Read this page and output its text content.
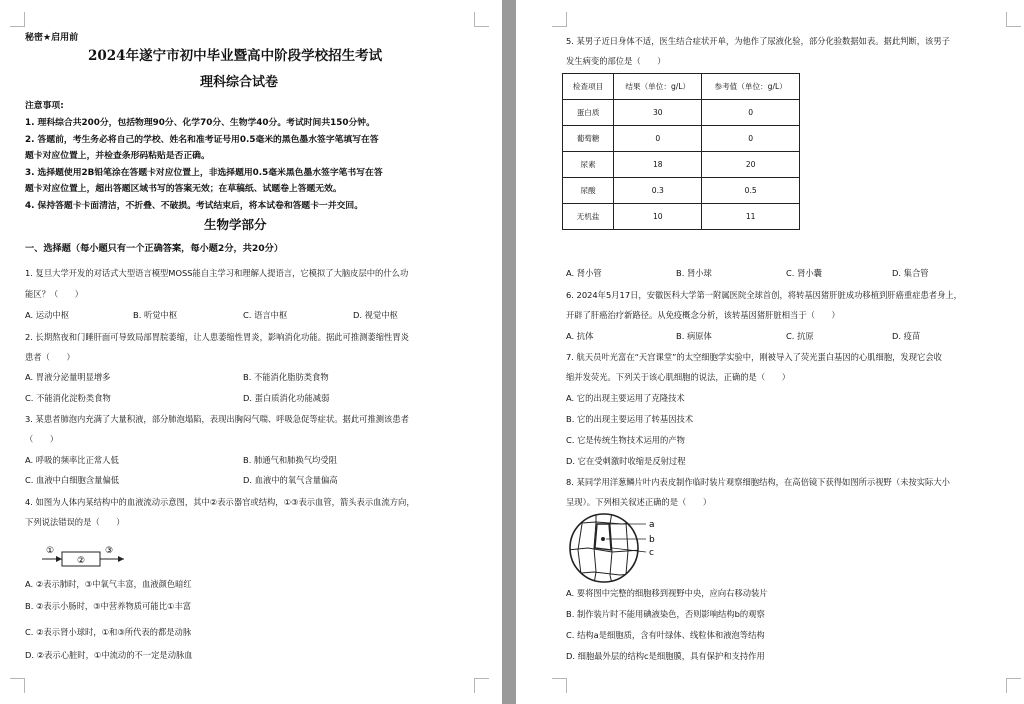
秘密★启用前
2024年遂宁市初中毕业暨高中阶段学校招生考试
理科综合试卷
注意事项:
1. 理科综合共200分，包括物理90分、化学70分、生物学40分。考试时间共150分钟。
2. 答题前，考生务必将自己的学校、姓名和准考证号用0.5毫米的黑色墨水签字笔填写在答
题卡对应位置上，并检查条形码粘贴是否正确。
3. 选择题使用2B铅笔涂在答题卡对应位置上，非选择题用0.5毫米黑色墨水签字笔书写在答
题卡对应位置上，超出答题区域书写的答案无效；在草稿纸、试题卷上答题无效。
4. 保持答题卡卡面清洁，不折叠、不破损。考试结束后，将本试卷和答题卡一并交回。
生物学部分
一、选择题（每小题只有一个正确答案，每小题2分，共20分）
1. 复旦大学开发的对话式大型语言模型MOSS能自主学习和理解人提语言，它模拟了大脑皮层中的什么功
能区？（　　）
A. 运动中枢	B. 听觉中枢	C. 语言中枢	D. 视觉中枢
2. 长期熬夜和门睡肝面可导致局部胃脘萎缩，让人患萎缩性胃炎，影响消化功能。据此可推测萎缩性胃炎
患者（　　）
A. 胃液分泌量明显增多	B. 不能消化脂肪类食物
C. 不能消化淀粉类食物	D. 蛋白质消化功能减弱
3. 某患者肺泡内充满了大量积液，部分肺泡塌陷，表现出胸闷气喘、呼吸急促等症状。据此可推测该患者
（　　）
A. 呼吸的频率比正常人低	B. 肺通气和肺换气均受阻
C. 血液中白细胞含量偏低	D. 血液中的氧气含量偏高
4. 如图为人体内某结构中的血液流动示意图，其中②表示器官或结构，①③表示血管，箭头表示血流方向，
下列说法错误的是（　　）
①
②
③
A. ②表示肺时，③中氧气丰富，血液颜色暗红
B. ②表示小肠时，③中营养物质可能比①丰富
C. ②表示肾小球时，①和③所代表的都是动脉
D. ②表示心脏时，①中流动的不一定是动脉血
5. 某男子近日身体不适，医生结合症状开单，为他作了尿液化验，部分化验数据如表。据此判断，该男子
发生病变的部位是（　　）
检查项目	结果（单位：g/L）	参考值（单位：g/L）
蛋白质	30	0
葡萄糖	0	0
尿素	18	20
尿酸	0.3	0.5
无机盐	10	11
A. 肾小管	B. 肾小球	C. 肾小囊	D. 集合管
6. 2024年5月17日，安徽医科大学第一附属医院全球首创，将转基因猪肝脏成功移植到肝癌重症患者身上，
开辟了肝癌治疗新路径。从免疫概念分析，该转基因猪肝脏相当于（　　）
A. 抗体	B. 病原体	C. 抗原	D. 疫苗
7. 航天员叶光富在“天宫课堂”的太空细胞学实验中，刚被导入了荧光蛋白基因的心肌细胞，发现它会收
缩并发荧光。下列关于该心肌细胞的说法，正确的是（　　）
A. 它的出现主要运用了克隆技术
B. 它的出现主要运用了转基因技术
C. 它是传统生物技术运用的产物
D. 它在受刺激时收缩是反射过程
8. 某同学用洋葱鳞片叶内表皮制作临时装片观察细胞结构，在高倍镜下获得如图所示视野（未按实际大小
呈现）。下列相关叙述正确的是（　　）
a
b
c
A. 要将图中完整的细胞移到视野中央，应向右移动装片
B. 制作装片时不能用碘液染色，否则影响结构b的观察
C. 结构a是细胞质，含有叶绿体、线粒体和液泡等结构
D. 细胞最外层的结构c是细胞膜，具有保护和支持作用
